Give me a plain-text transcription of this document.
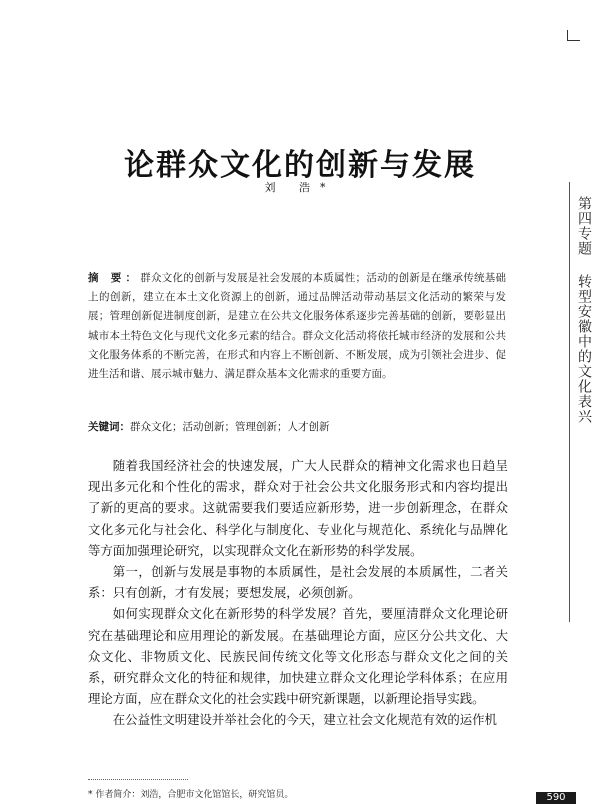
论群众文化的创新与发展
刘 浩*
第四专题转型安徽中的文化表兴
摘 要：群众文化的创新与发展是社会发展的本质属性；活动的创新是在继承传统基础上的创新，建立在本土文化资源上的创新，通过品牌活动带动基层文化活动的繁荣与发展；管理创新促进制度创新，是建立在公共文化服务体系逐步完善基础的创新，要彰显出城市本土特色文化与现代文化多元素的结合。群众文化活动将依托城市经济的发展和公共文化服务体系的不断完善，在形式和内容上不断创新、不断发展，成为引领社会进步、促进生活和谐、展示城市魅力、满足群众基本文化需求的重要方面。
关键词：群众文化；活动创新；管理创新；人才创新

随着我国经济社会的快速发展，广大人民群众的精神文化需求也日趋呈现出多元化和个性化的需求，群众对于社会公共文化服务形式和内容均提出了新的更高的要求。这就需要我们要适应新形势，进一步创新理念，在群众文化多元化与社会化、科学化与制度化、专业化与规范化、系统化与品牌化等方面加强理论研究，以实现群众文化在新形势的科学发展。

第一，创新与发展是事物的本质属性，是社会发展的本质属性，二者关系：只有创新，才有发展；要想发展，必须创新。

如何实现群众文化在新形势的科学发展？首先，要厘清群众文化理论研究在基础理论和应用理论的新发展。在基础理论方面，应区分公共文化、大众文化、非物质文化、民族民间传统文化等文化形态与群众文化之间的关系，研究群众文化的特征和规律，加快建立群众文化理论学科体系；在应用理论方面，应在群众文化的社会实践中研究新课题，以新理论指导实践。

在公益性文明建设并举社会化的今天，建立社会文化规范有效的运作机

* 作者简介：刘浩，合肥市文化馆馆长，研究馆员。	590
